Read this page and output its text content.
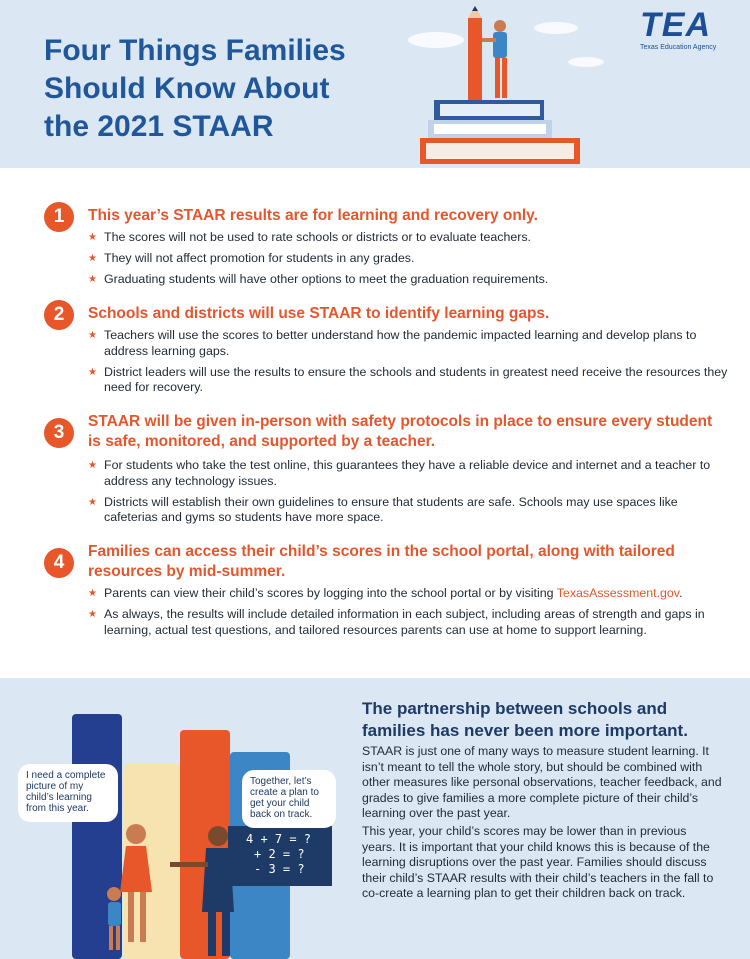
Four Things Families
Should Know About
the 2021 STAAR
TEA
Texas Education Agency
1	This year’s STAAR results are for learning and recovery only.
★ The scores will not be used to rate schools or districts or to evaluate teachers.
★ They will not affect promotion for students in any grades.
★ Graduating students will have other options to meet the graduation requirements.
2	Schools and districts will use STAAR to identify learning gaps.
★ Teachers will use the scores to better understand how the pandemic impacted learning and develop plans to address learning gaps.
★ District leaders will use the results to ensure the schools and students in greatest need receive the resources they need for recovery.
3
STAAR will be given in-person with safety protocols in place to ensure every student is safe, monitored, and supported by a teacher.
★ For students who take the test online, this guarantees they have a reliable device and internet and a teacher to address any technology issues.
★ Districts will establish their own guidelines to ensure that students are safe. Schools may use spaces like cafeterias and gyms so students have more space.
4
Families can access their child’s scores in the school portal, along with tailored resources by mid-summer.
★ Parents can view their child’s scores by logging into the school portal or by visiting TexasAssessment.gov.
★ As always, the results will include detailed information in each subject, including areas of strength and gaps in learning, actual test questions, and tailored resources parents can use at home to support learning.
I need a complete picture of my child’s learning from this year.
Together, let’s create a plan to get your child back on track.
4 + 7 = ?
+ 2 = ?
- 3 = ?
The partnership between schools and families has never been more important.

STAAR is just one of many ways to measure student learning. It isn’t meant to tell the whole story, but should be combined with other measures like personal observations, teacher feedback, and grades to give families a more complete picture of their child’s learning over the past year.

This year, your child’s scores may be lower than in previous years. It is important that your child knows this is because of the learning disruptions over the past year. Families should discuss their child’s STAAR results with their child’s teachers in the fall to co-create a learning plan to get their children back on track.
